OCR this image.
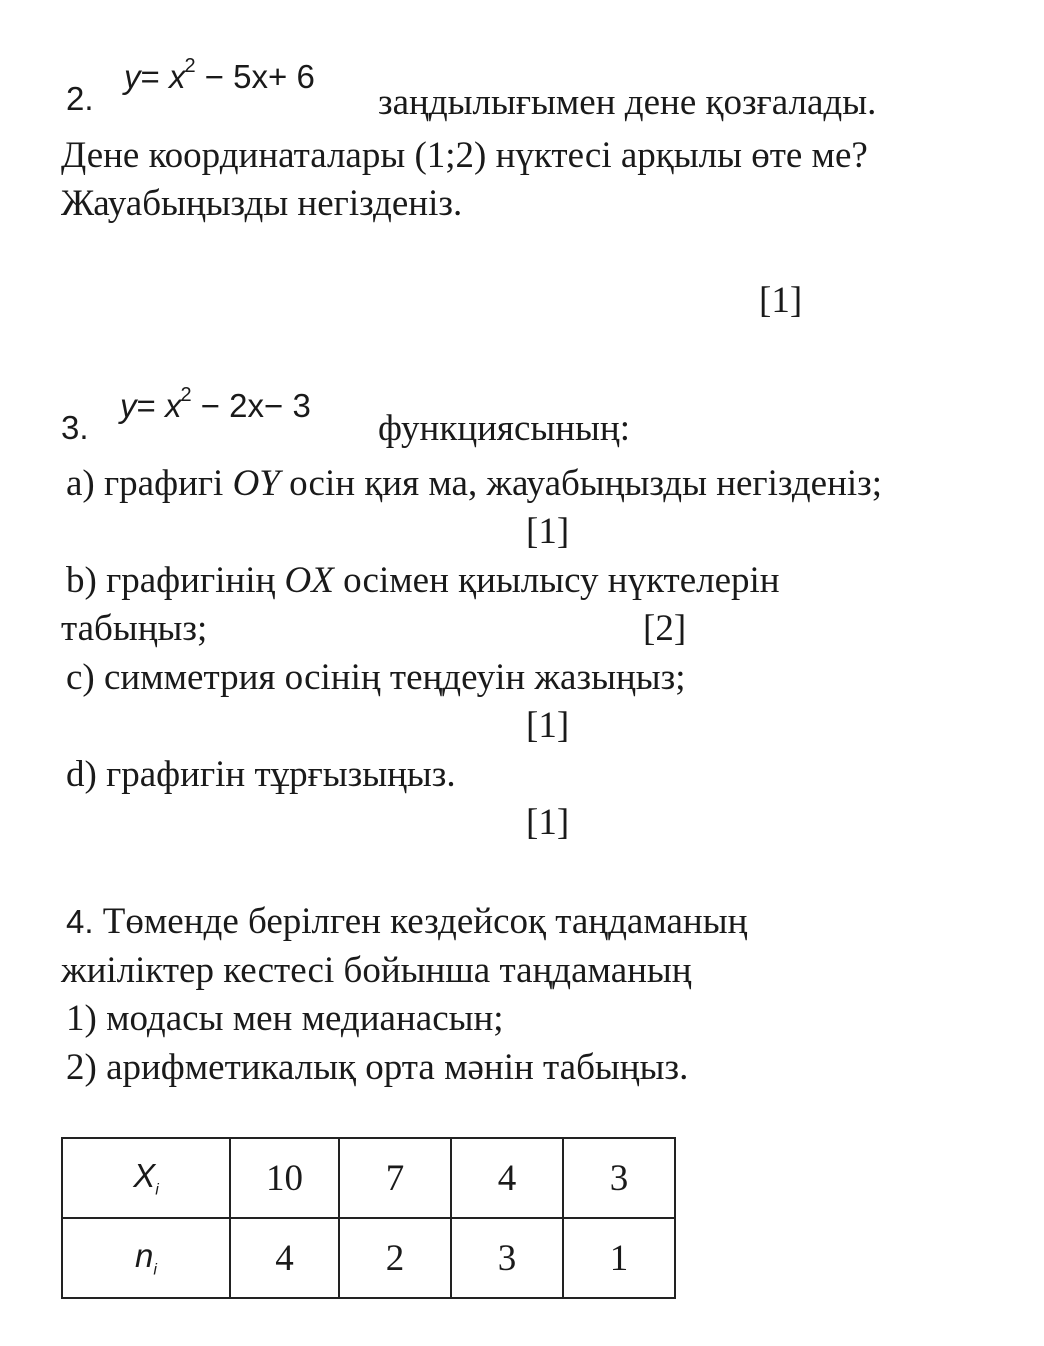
2.
$y= x^2 - 5x+ 6$
заңдылығымен дене қозғалады.
Дене координаталары (1;2) нүктесі арқылы өте ме?
Жауабыңызды негізденіз.
[1]
3.
$y= x^2 - 2x- 3$
функциясының:
a) графигі OY осін қия ма, жауабыңызды негізденіз;
[1]
b) графигінің OX осімен қиылысу нүктелерін
табыңыз;	[2]
c) симметрия осінің теңдеуін жазыңыз;
[1]
d) графигін тұрғызыңыз.
[1]
4. Төменде берілген кездейсоқ таңдаманың
жиіліктер кестесі бойынша таңдаманың
1) модасы мен медианасын;
2) арифметикалық орта мәнін табыңыз.
$X_i$	10	7	4	3
$n_i$	4	2	3	1
